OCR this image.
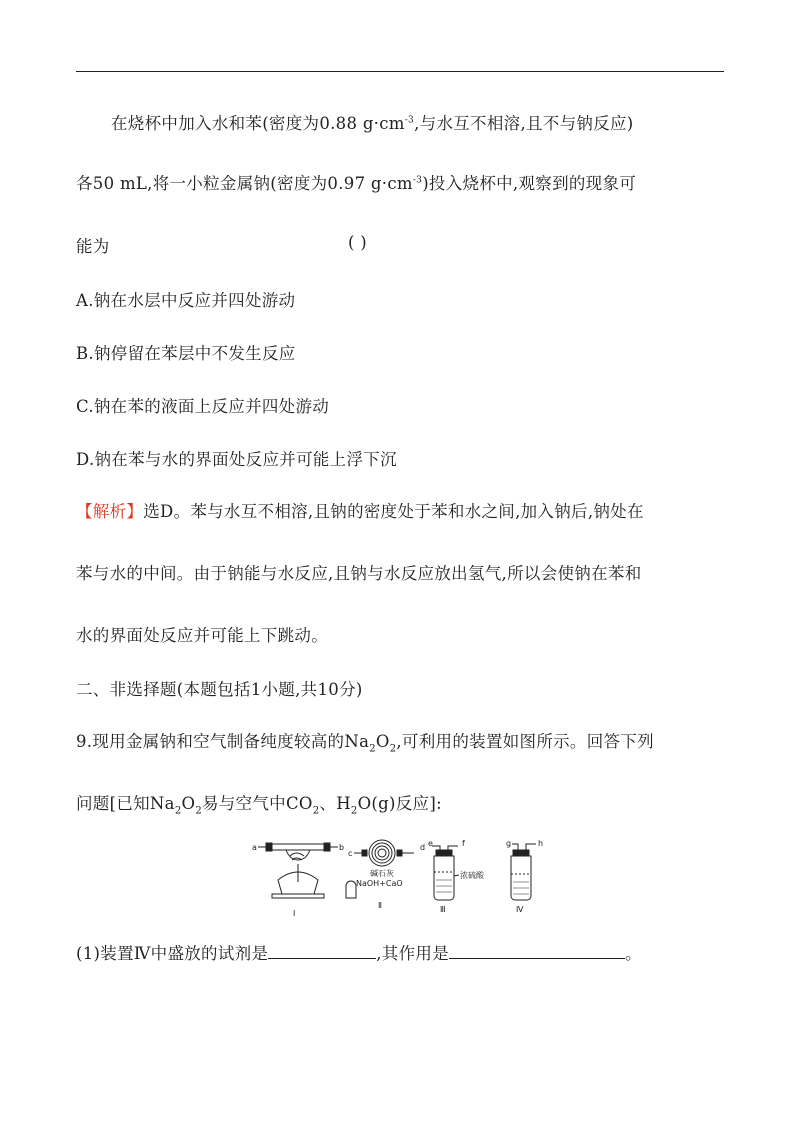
在烧杯中加入水和苯(密度为0.88 $g\cdot cm^{-3}$,与水互不相溶,且不与钠反应)
各50 mL,将一小粒金属钠(密度为0.97 $g\cdot cm^{-3}$)投入烧杯中,观察到的现象可
能为	( )
A.钠在水层中反应并四处游动
B.钠停留在苯层中不发生反应
C.钠在苯的液面上反应并四处游动
D.钠在苯与水的界面处反应并可能上浮下沉
【解析】选D。苯与水互不相溶,且钠的密度处于苯和水之间,加入钠后,钠处在
苯与水的中间。由于钠能与水反应,且钠与水反应放出氢气,所以会使钠在苯和
水的界面处反应并可能上下跳动。
二、非选择题(本题包括1小题,共10分)
9.现用金属钠和空气制备纯度较高的$Na_2O_2$,可利用的装置如图所示。回答下列
问题[已知$Na_2O_2$易与空气中$CO_2$、$H_2O(g)$反应]:
a	b
Ⅰ
c
d
碱石灰
NaOH+CaO
Ⅱ
e	f
浓硫酸
Ⅲ
g	h
Ⅳ
(1)装置Ⅳ中盛放的试剂是	,其作用是	。
